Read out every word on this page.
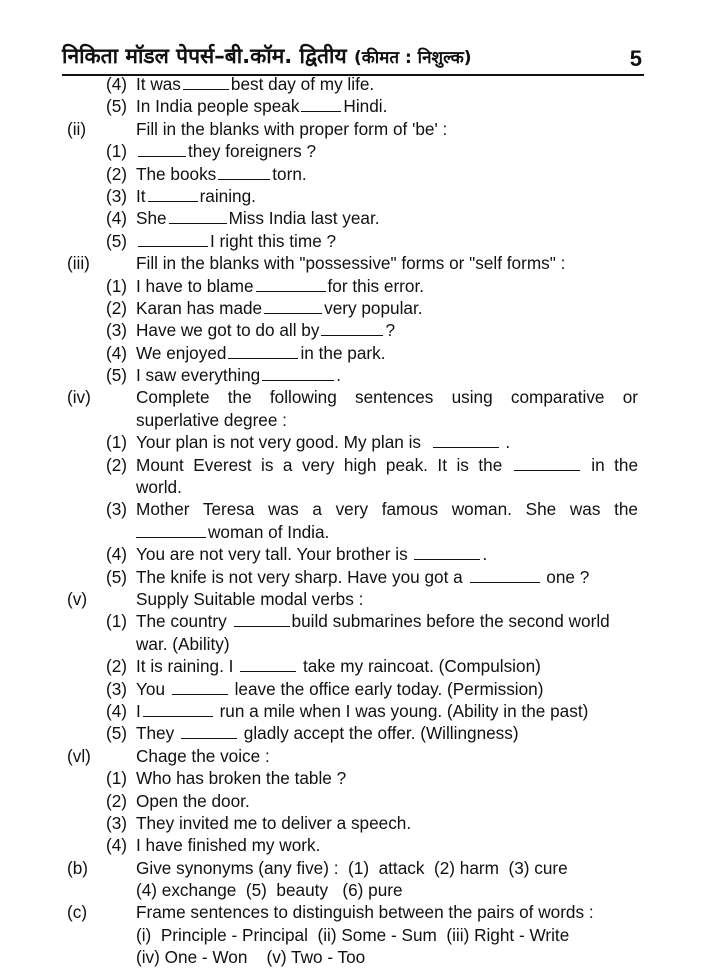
निकिता मॉडल पेपर्स–बी.कॉम. द्वितीय (कीमत : निशुल्क)	5
(4) It was	best day of my life.
(5) In India people speak	Hindi.
(ii)	Fill in the blanks with proper form of 'be' :
(1)	they foreigners ?
(2) The books	torn.
(3) It	raining.
(4) She	Miss India last year.
(5)	I right this time ?
(iii)	Fill in the blanks with "possessive" forms or "self forms" :
(1) I have to blame	for this error.
(2) Karan has made	very popular.
(3) Have we got to do all by	?
(4) We enjoyed	in the park.
(5) I saw everything	.
(iv)	Complete the following sentences using comparative or
superlative degree :
(1) Your plan is not very good. My plan is	.
(2) Mount Everest is a very high peak. It is the	in the
world.
(3) Mother Teresa was a very famous woman. She was the
woman of India.
(4) You are not very tall. Your brother is	.
(5) The knife is not very sharp. Have you got a	one ?
(v)	Supply Suitable modal verbs :
(1) The country	build submarines before the second world
war. (Ability)
(2) It is raining. I	take my raincoat. (Compulsion)
(3) You	leave the office early today. (Permission)
(4) I	run a mile when I was young. (Ability in the past)
(5) They	gladly accept the offer. (Willingness)
(vl)	Chage the voice :
(1) Who has broken the table ?
(2) Open the door.
(3) They invited me to deliver a speech.
(4) I have finished my work.
(b)	Give synonyms (any five) :  (1)  attack  (2) harm  (3) cure
(4) exchange  (5)  beauty   (6) pure
(c)	Frame sentences to distinguish between the pairs of words :
(i)  Principle - Principal  (ii) Some - Sum  (iii) Right - Write
(iv) One - Won    (v) Two - Too
